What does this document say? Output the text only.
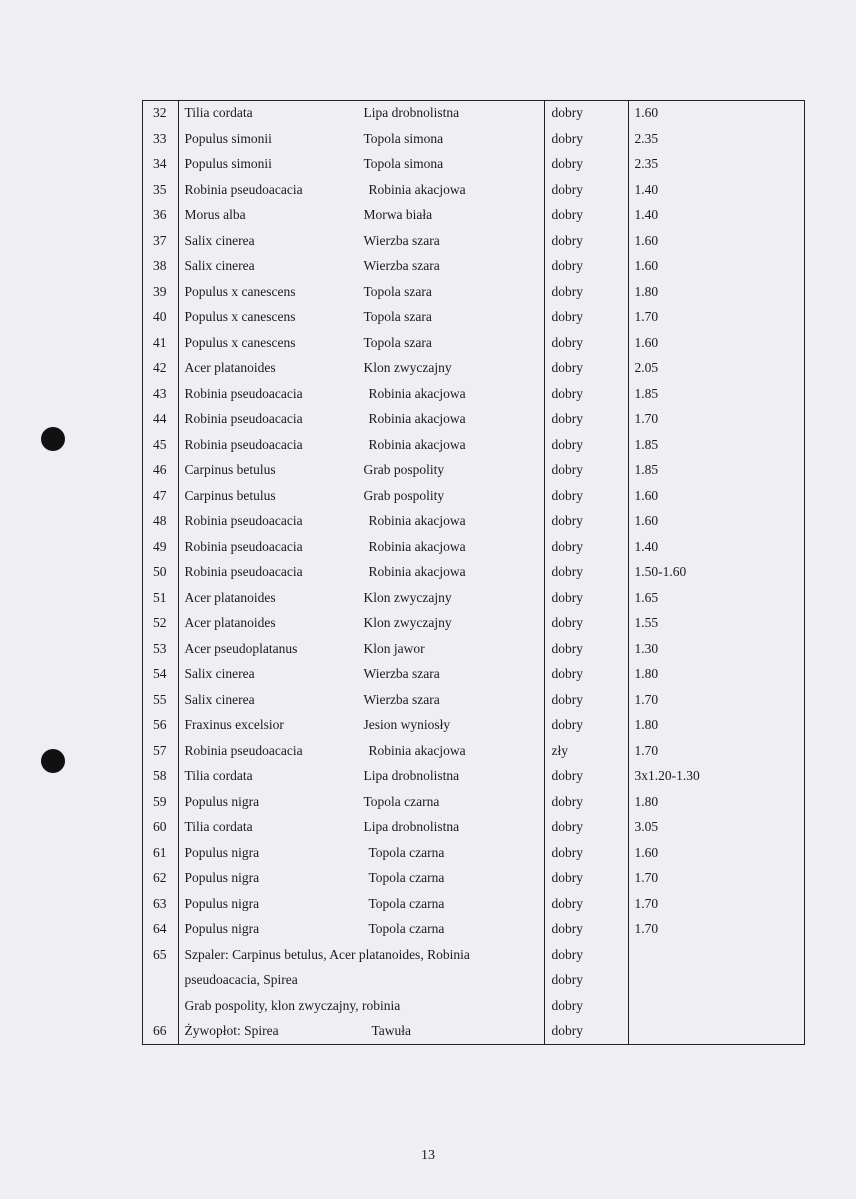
32	Tilia cordata Lipa drobnolistna	dobry	1.60
33	Populus simonii Topola simona	dobry	2.35
34	Populus simonii Topola simona	dobry	2.35
35	Robinia pseudoacacia Robinia akacjowa	dobry	1.40
36	Morus alba Morwa biała	dobry	1.40
37	Salix cinerea Wierzba szara	dobry	1.60
38	Salix cinerea Wierzba szara	dobry	1.60
39	Populus x canescens Topola szara	dobry	1.80
40	Populus x canescens Topola szara	dobry	1.70
41	Populus x canescens Topola szara	dobry	1.60
42	Acer platanoides Klon zwyczajny	dobry	2.05
43	Robinia pseudoacacia Robinia akacjowa	dobry	1.85
44	Robinia pseudoacacia Robinia akacjowa	dobry	1.70
45	Robinia pseudoacacia Robinia akacjowa	dobry	1.85
46	Carpinus betulus Grab pospolity	dobry	1.85
47	Carpinus betulus Grab pospolity	dobry	1.60
48	Robinia pseudoacacia Robinia akacjowa	dobry	1.60
49	Robinia pseudoacacia Robinia akacjowa	dobry	1.40
50	Robinia pseudoacacia Robinia akacjowa	dobry	1.50-1.60
51	Acer platanoides Klon zwyczajny	dobry	1.65
52	Acer platanoides Klon zwyczajny	dobry	1.55
53	Acer pseudoplatanus Klon jawor	dobry	1.30
54	Salix cinerea Wierzba szara	dobry	1.80
55	Salix cinerea Wierzba szara	dobry	1.70
56	Fraxinus excelsior Jesion wyniosły	dobry	1.80
57	Robinia pseudoacacia Robinia akacjowa	zły	1.70
58	Tilia cordata Lipa drobnolistna	dobry	3x1.20-1.30
59	Populus nigra Topola czarna	dobry	1.80
60	Tilia cordata Lipa drobnolistna	dobry	3.05
61	Populus nigra Topola czarna	dobry	1.60
62	Populus nigra Topola czarna	dobry	1.70
63	Populus nigra Topola czarna	dobry	1.70
64	Populus nigra Topola czarna	dobry	1.70
65	Szpaler: Carpinus betulus, Acer platanoides, Robinia	dobry	

	pseudoacacia, Spirea	dobry	

	Grab pospolity, klon zwyczajny, robinia	dobry	
66	Żywopłot: Spirea Tawuła	dobry	
13
